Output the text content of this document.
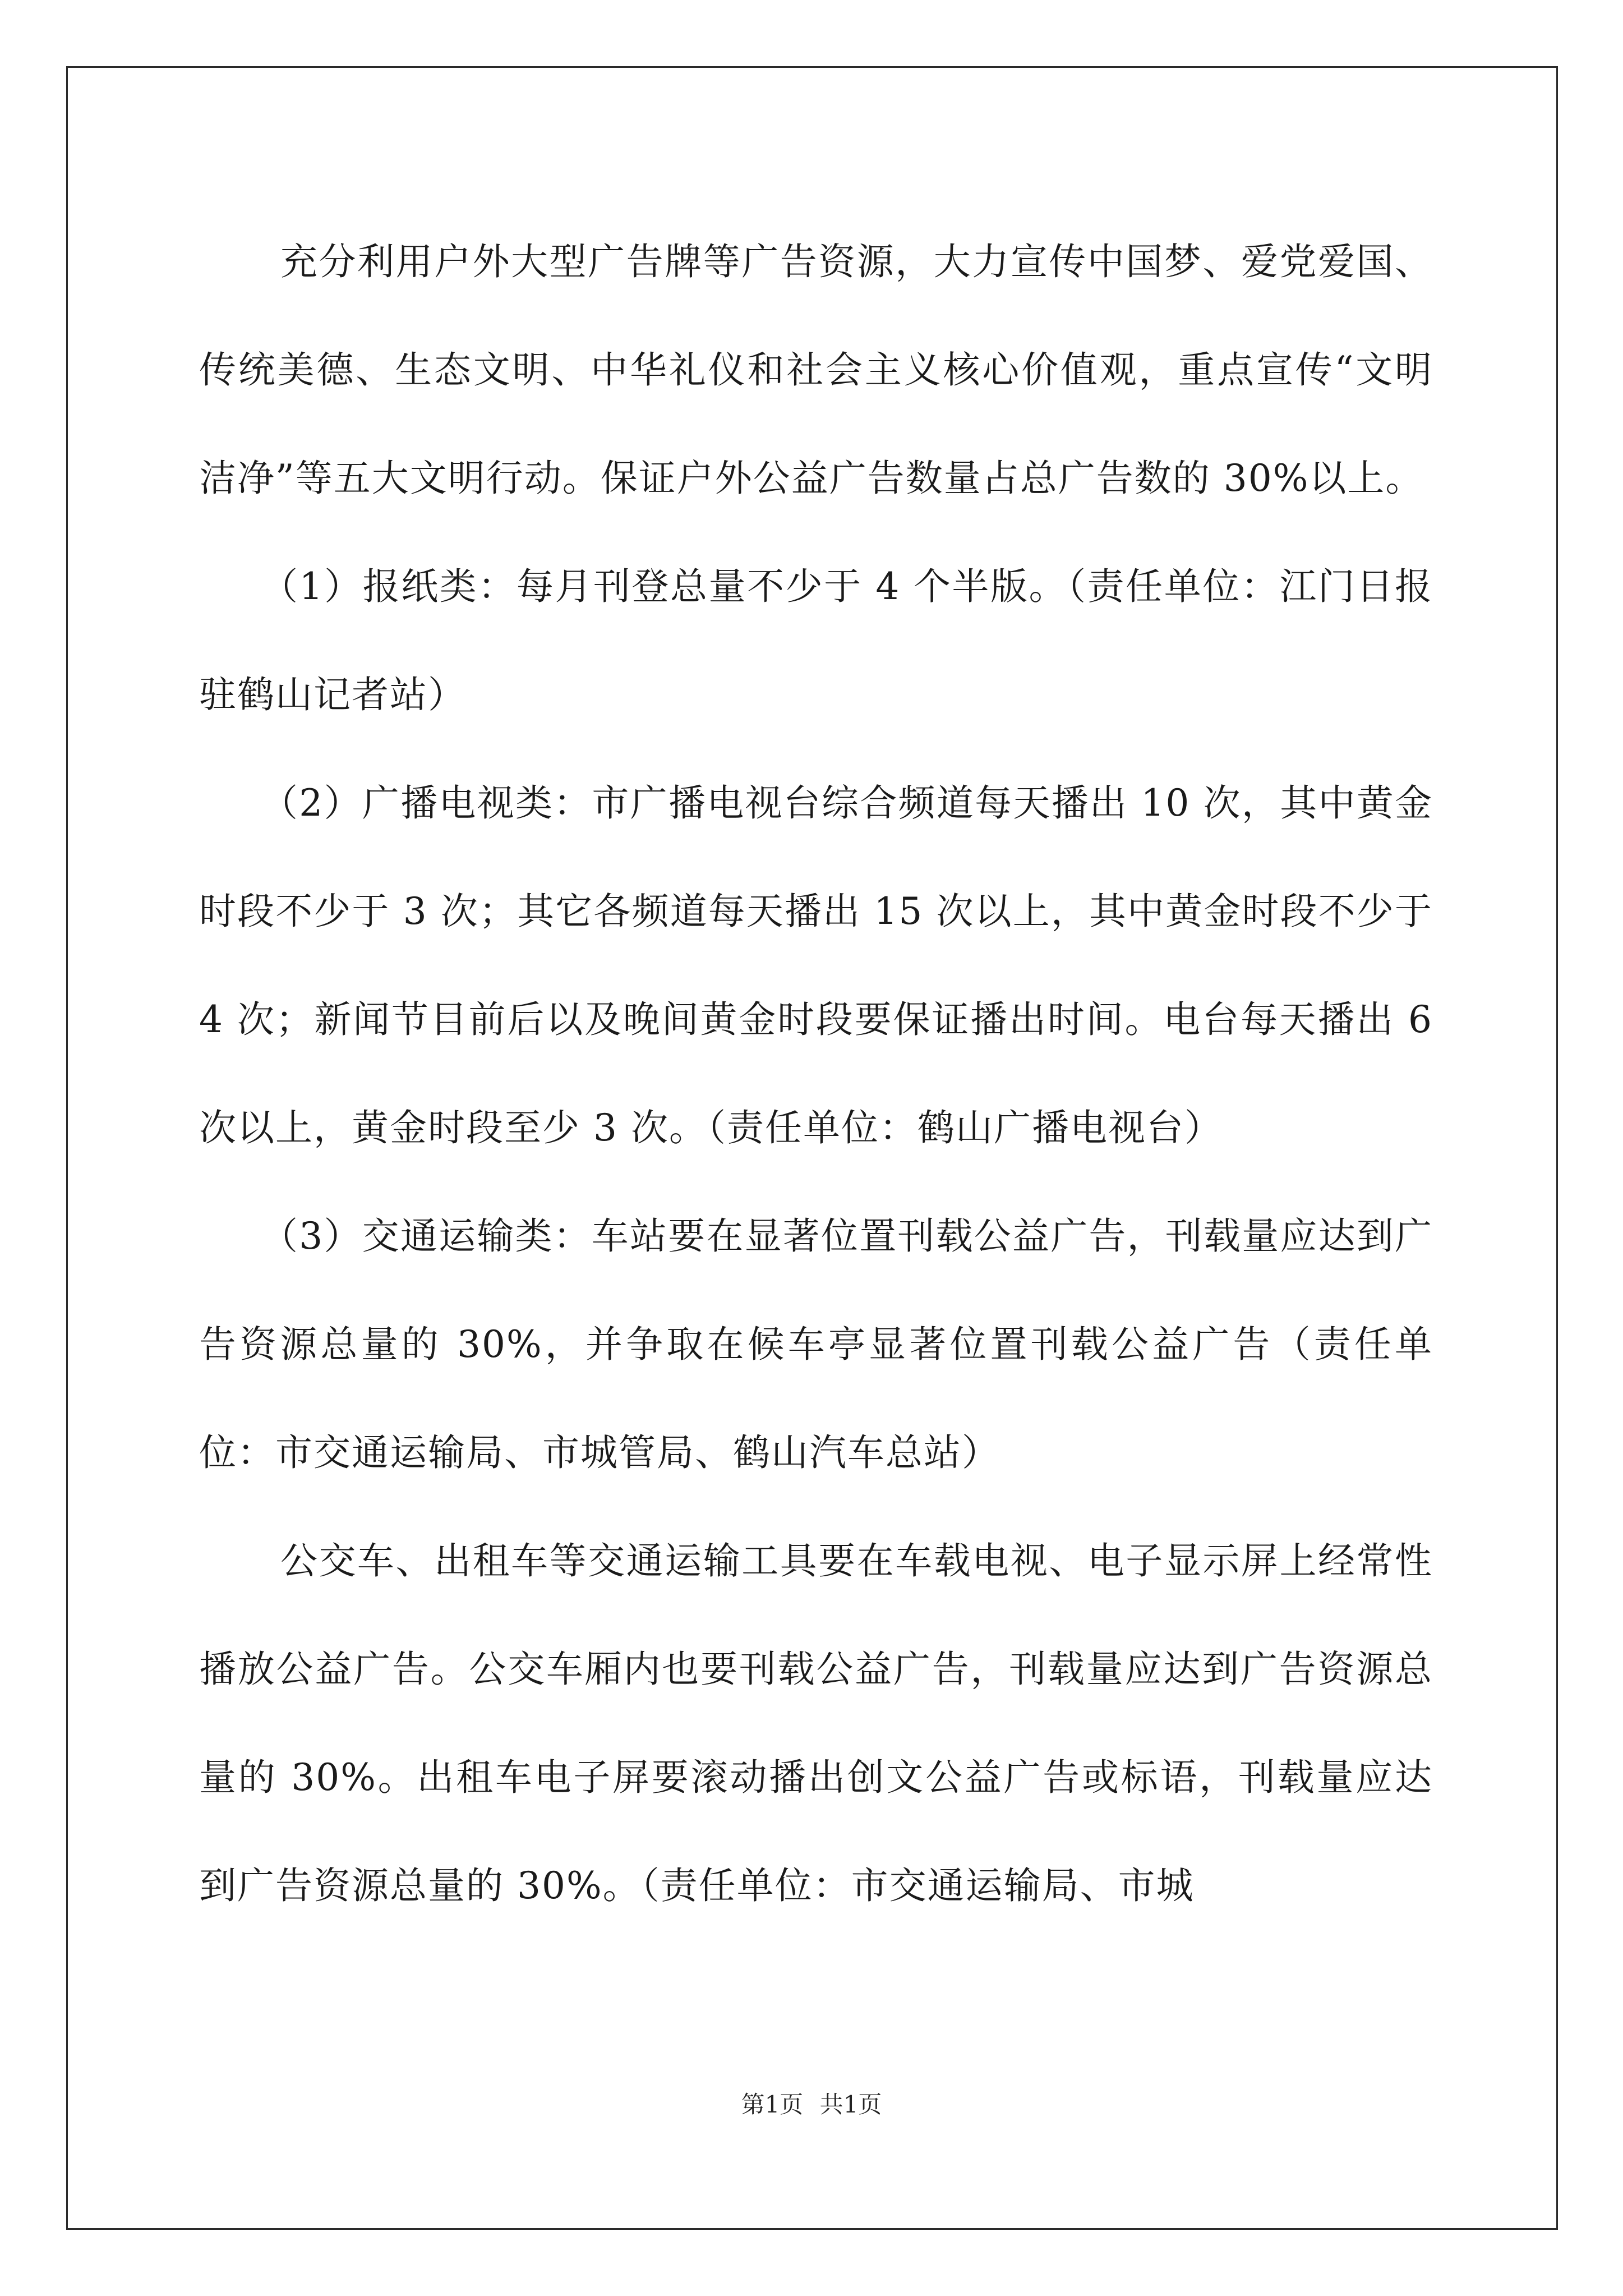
充分利用户外大型广告牌等广告资源，大力宣传中国梦、爱党爱国、传统美德、生态文明、中华礼仪和社会主义核心价值观，重点宣传“文明洁净”等五大文明行动。保证户外公益广告数量占总广告数的 30%以上。

（1）报纸类：每月刊登总量不少于 4 个半版。（责任单位：江门日报驻鹤山记者站）

（2）广播电视类：市广播电视台综合频道每天播出 10 次，其中黄金时段不少于 3 次；其它各频道每天播出 15 次以上，其中黄金时段不少于 4 次；新闻节目前后以及晚间黄金时段要保证播出时间。电台每天播出 6 次以上，黄金时段至少 3 次。（责任单位：鹤山广播电视台）

（3）交通运输类：车站要在显著位置刊载公益广告，刊载量应达到广告资源总量的 30%，并争取在候车亭显著位置刊载公益广告（责任单位：市交通运输局、市城管局、鹤山汽车总站）

公交车、出租车等交通运输工具要在车载电视、电子显示屏上经常性播放公益广告。公交车厢内也要刊载公益广告，刊载量应达到广告资源总量的 30%。出租车电子屏要滚动播出创文公益广告或标语，刊载量应达到广告资源总量的 30%。（责任单位：市交通运输局、市城

第1页 共1页
